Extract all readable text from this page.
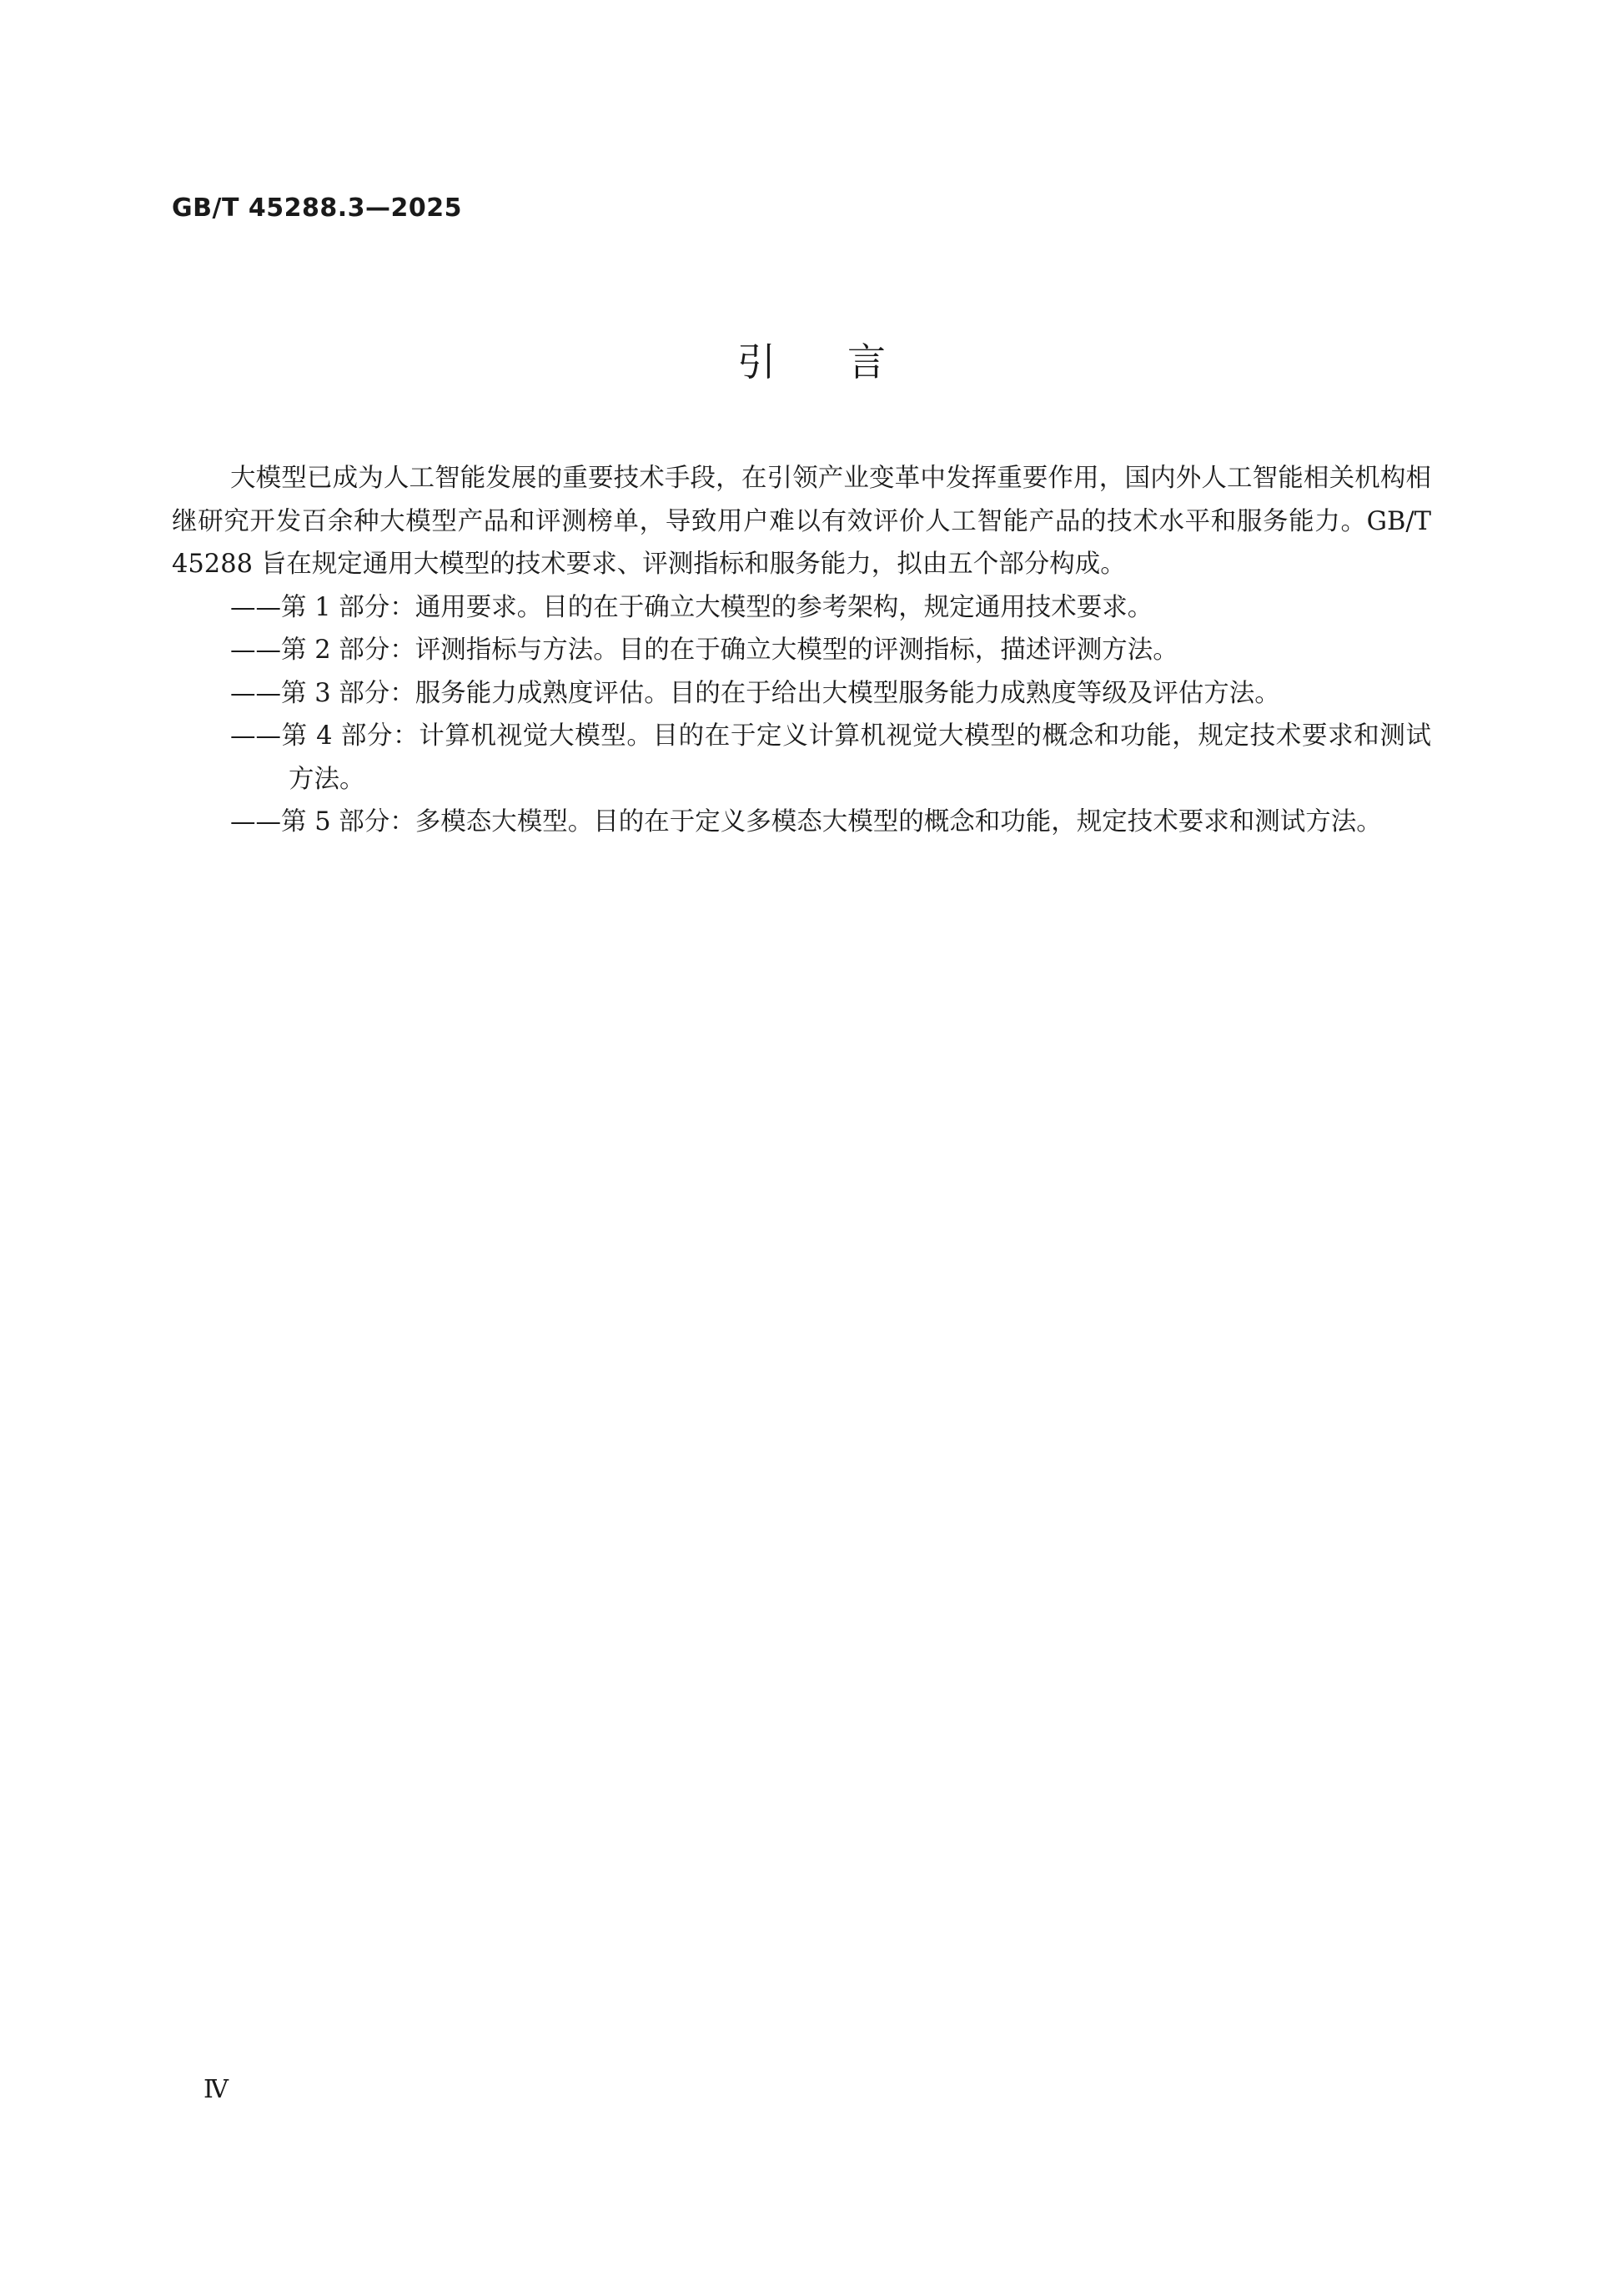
GB/T 45288.3—2025
引言

大模型已成为人工智能发展的重要技术手段，在引领产业变革中发挥重要作用，国内外人工智能相关机构相继研究开发百余种大模型产品和评测榜单，导致用户难以有效评价人工智能产品的技术水平和服务能力。GB/T 45288 旨在规定通用大模型的技术要求、评测指标和服务能力，拟由五个部分构成。

——第 1 部分：通用要求。目的在于确立大模型的参考架构，规定通用技术要求。

——第 2 部分：评测指标与方法。目的在于确立大模型的评测指标，描述评测方法。

——第 3 部分：服务能力成熟度评估。目的在于给出大模型服务能力成熟度等级及评估方法。

——第 4 部分：计算机视觉大模型。目的在于定义计算机视觉大模型的概念和功能，规定技术要求和测试方法。

——第 5 部分：多模态大模型。目的在于定义多模态大模型的概念和功能，规定技术要求和测试方法。

Ⅳ
